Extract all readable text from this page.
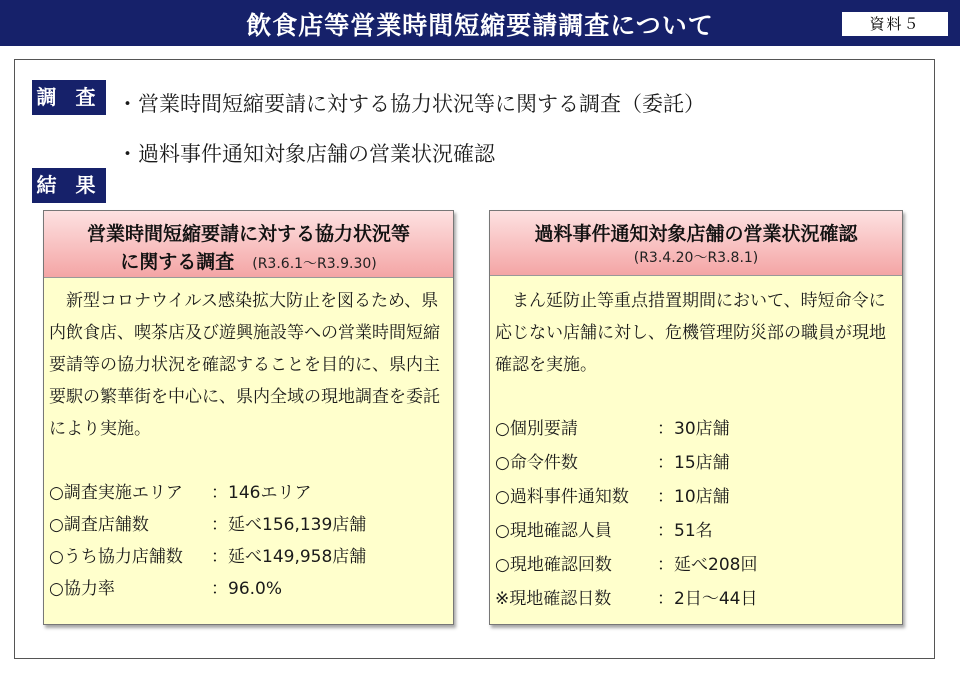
飲食店等営業時間短縮要請調査について	資料５
調 査 ・営業時間短縮要請に対する協力状況等に関する調査（委託）
・過料事件通知対象店舗の営業状況確認
結 果
営業時間短縮要請に対する協力状況等
に関する調査 (R3.6.1～R3.9.30)
新型コロナウイルス感染拡大防止を図るため、県内飲食店、喫茶店及び遊興施設等への営業時間短縮要請等の協力状況を確認することを目的に、県内主要駅の繁華街を中心に、県内全域の現地調査を委託により実施。
○調査実施エリア ：146エリア
○調査店舗数	：延べ156,139店舗
○うち協力店舗数 ：延べ149,958店舗
○協力率	：96.0%
過料事件通知対象店舗の営業状況確認
(R3.4.20～R3.8.1)
まん延防止等重点措置期間において、時短命令に応じない店舗に対し、危機管理防災部の職員が現地確認を実施。
○個別要請	：30店舗
○命令件数	：15店舗
○過料事件通知数 ：10店舗
○現地確認人員	：51名
○現地確認回数	：延べ208回
※現地確認日数	：2日～44日
